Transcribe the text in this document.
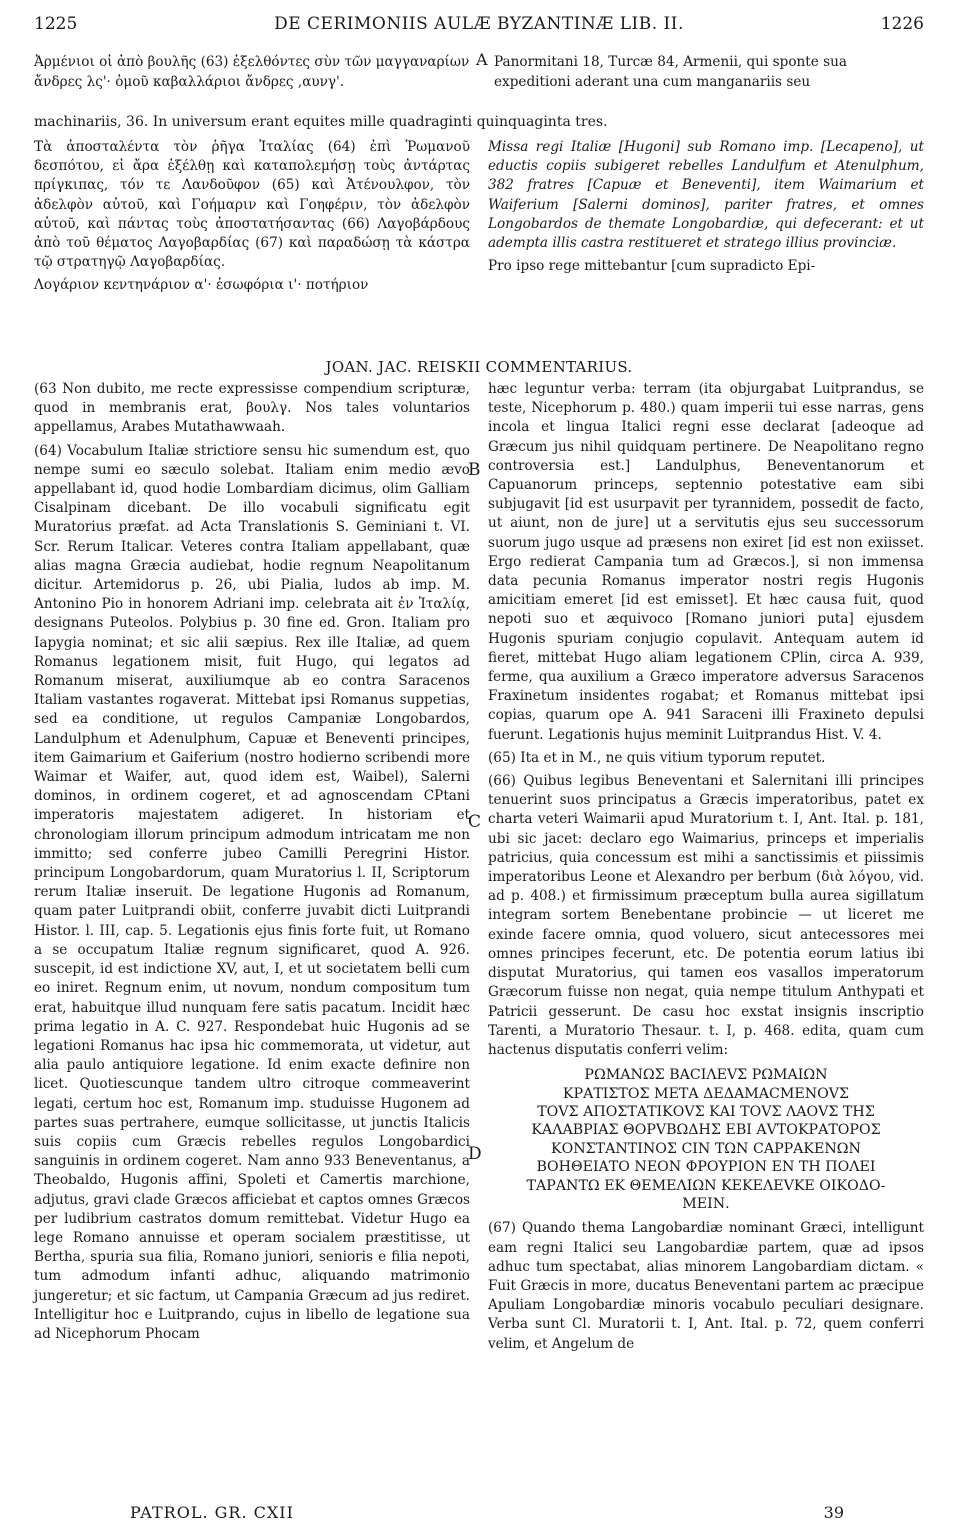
1225	DE CERIMONIIS AULÆ BYZANTINÆ LIB. II.	1226
Ἀρμένιοι οἱ ἀπὸ βουλῆς (63) ἐξελθόντες σὺν τῶν μαγγαναρίων ἄνδρες λς'· ὁμοῦ καβαλλάριοι ἄνδρες ,αυνγ'.
A Panormitani 18, Turcæ 84, Armenii, qui sponte sua expeditioni aderant una cum manganariis seu
machinariis, 36. In universum erant equites mille quadraginti quinquaginta tres.

Τὰ ἀποσταλέντα τὸν ῥῆγα Ἰταλίας (64) ἐπὶ Ῥωμανοῦ δεσπότου, εἰ ἄρα ἐξέλθῃ καὶ καταπολεμήσῃ τοὺς ἀντάρτας πρίγκιπας, τόν τε Λανδοῦφον (65) καὶ Ἀτένουλφον, τὸν ἀδελφὸν αὐτοῦ, καὶ Γοήμαριν καὶ Γοηφέριν, τὸν ἀδελφὸν αὐτοῦ, καὶ πάντας τοὺς ἀποστατήσαντας (66) Λαγοβάρδους ἀπὸ τοῦ θέματος Λαγοβαρδίας (67) καὶ παραδώσῃ τὰ κάστρα τῷ στρατηγῷ Λαγοβαρδίας.

Λογάριον κεντηνάριον α'· ἐσωφόρια ι'· ποτήριον

Missa regi Italiæ [Hugoni] sub Romano imp. [Lecapeno], ut eductis copiis subigeret rebelles Landulfum et Atenulphum, 382 fratres [Capuæ et Beneventi], item Waimarium et Waiferium [Salerni dominos], pariter fratres, et omnes Longobardos de themate Longobardiæ, qui defecerant: et ut adempta illis castra restitueret et stratego illius provinciæ.

Pro ipso rege mittebantur [cum supradicto Epi-

JOAN. JAC. REISKII COMMENTARIUS.

(63 Non dubito, me recte expressisse compendium scripturæ, quod in membranis erat, βουλγ. Nos tales voluntarios appellamus, Arabes Mutathawwaah.

(64) Vocabulum Italiæ strictiore sensu hic sumendum est, quo nempe sumi eo sæculo solebat. Italiam enim medio ævo appellabant id, quod hodie Lombardiam dicimus, olim Galliam Cisalpinam dicebant. De illo vocabuli significatu egit Muratorius præfat. ad Acta Translationis S. Geminiani t. VI. Scr. Rerum Italicar. Veteres contra Italiam appellabant, quæ alias magna Græcia audiebat, hodie regnum Neapolitanum dicitur. Artemidorus p. 26, ubi Pialia, ludos ab imp. M. Antonino Pio in honorem Adriani imp. celebrata ait ἐν Ἰταλίᾳ, designans Puteolos. Polybius p. 30 fine ed. Gron. Italiam pro Iapygia nominat; et sic alii sæpius. Rex ille Italiæ, ad quem Romanus legationem misit, fuit Hugo, qui legatos ad Romanum miserat, auxiliumque ab eo contra Saracenos Italiam vastantes rogaverat. Mittebat ipsi Romanus suppetias, sed ea conditione, ut regulos Campaniæ Longobardos, Landulphum et Adenulphum, Capuæ et Beneventi principes, item Gaimarium et Gaiferium (nostro hodierno scribendi more Waimar et Waifer, aut, quod idem est, Waibel), Salerni dominos, in ordinem cogeret, et ad agnoscendam CPtani imperatoris majestatem adigeret. In historiam et chronologiam illorum principum admodum intricatam me non immitto; sed conferre jubeo Camilli Peregrini Histor. principum Longobardorum, quam Muratorius l. II, Scriptorum rerum Italiæ inseruit. De legatione Hugonis ad Romanum, quam pater Luitprandi obiit, conferre juvabit dicti Luitprandi Histor. l. III, cap. 5. Legationis ejus finis forte fuit, ut Romano a se occupatum Italiæ regnum significaret, quod A. 926. suscepit, id est indictione XV, aut, I, et ut societatem belli cum eo iniret. Regnum enim, ut novum, nondum compositum tum erat, habuitque illud nunquam fere satis pacatum. Incidit hæc prima legatio in A. C. 927. Respondebat huic Hugonis ad se legationi Romanus hac ipsa hic commemorata, ut videtur, aut alia paulo antiquiore legatione. Id enim exacte definire non licet. Quotiescunque tandem ultro citroque commeaverint legati, certum hoc est, Romanum imp. studuisse Hugonem ad partes suas pertrahere, eumque sollicitasse, ut junctis Italicis suis copiis cum Græcis rebelles regulos Longobardici sanguinis in ordinem cogeret. Nam anno 933 Beneventanus, a Theobaldo, Hugonis affini, Spoleti et Camertis marchione, adjutus, gravi clade Græcos afficiebat et captos omnes Græcos per ludibrium castratos domum remittebat. Videtur Hugo ea lege Romano annuisse et operam socialem præstitisse, ut Bertha, spuria sua filia, Romano juniori, senioris e filia nepoti, tum admodum infanti adhuc, aliquando matrimonio jungeretur; et sic factum, ut Campania Græcum ad jus rediret. Intelligitur hoc e Luitprando, cujus in libello de legatione sua ad Nicephorum Phocam

hæc leguntur verba: terram (ita objurgabat Luitprandus, se teste, Nicephorum p. 480.) quam imperii tui esse narras, gens incola et lingua Italici regni esse declarat [adeoque ad Græcum jus nihil quidquam pertinere. De Neapolitano regno controversia est.] Landulphus, Beneventanorum et Capuanorum princeps, septennio potestative eam sibi subjugavit [id est usurpavit per tyrannidem, possedit de facto, ut aiunt, non de jure] ut a servitutis ejus seu successorum suorum jugo usque ad præsens non exiret [id est non exiisset. Ergo redierat Campania tum ad Græcos.], si non immensa data pecunia Romanus imperator nostri regis Hugonis amicitiam emeret [id est emisset]. Et hæc causa fuit, quod nepoti suo et æquivoco [Romano juniori puta] ejusdem Hugonis spuriam conjugio copulavit. Antequam autem id fieret, mittebat Hugo aliam legationem CPlin, circa A. 939, ferme, qua auxilium a Græco imperatore adversus Saracenos Fraxinetum insidentes rogabat; et Romanus mittebat ipsi copias, quarum ope A. 941 Saraceni illi Fraxineto depulsi fuerunt. Legationis hujus meminit Luitprandus Hist. V. 4.

(65) Ita et in M., ne quis vitium typorum reputet.

(66) Quibus legibus Beneventani et Salernitani illi principes tenuerint suos principatus a Græcis imperatoribus, patet ex charta veteri Waimarii apud Muratorium t. I, Ant. Ital. p. 181, ubi sic jacet: declaro ego Waimarius, princeps et imperialis patricius, quia concessum est mihi a sanctissimis et piissimis imperatoribus Leone et Alexandro per berbum (διὰ λόγου, vid. ad p. 408.) et firmissimum præceptum bulla aurea sigillatum integram sortem Benebentane probincie — ut liceret me exinde facere omnia, quod voluero, sicut antecessores mei omnes principes fecerunt, etc. De potentia eorum latius ibi disputat Muratorius, qui tamen eos vasallos imperatorum Græcorum fuisse non negat, quia nempe titulum Anthypati et Patricii gesserunt. De casu hoc exstat insignis inscriptio Tarenti, a Muratorio Thesaur. t. I, p. 468. edita, quam cum hactenus disputatis conferri velim:

ΡΩΜΑΝΩΣ ΒΑCΙΛΕVΣ ΡΩΜΑΙΩΝ
ΚΡΑΤΙΣΤΟΣ ΜΕΤΑ ΔΕΔΑΜΑCΜΕΝΟVΣ
ΤΟVΣ ΑΠΟΣΤΑΤΙΚΟVΣ ΚΑΙ ΤΟVΣ ΛΑΟVΣ ΤΗΣ
ΚΑΛΑΒΡΙΑΣ ΘΟΡVΒΩΔΗΣ ΕΒΙ ΑVΤΟΚΡΑΤΟΡΟΣ
ΚΟΝΣΤΑΝΤΙΝΟΣ CΙΝ ΤΩΝ CΑΡΡΑΚΕΝΩΝ
ΒΟΗΘΕΙΑΤΟ ΝΕΟΝ ΦΡΟΥΡΙΟΝ ΕΝ ΤΗ ΠΟΛΕΙ
ΤΑΡΑΝΤΩ ΕΚ ΘΕΜΕΛΙΩΝ ΚΕΚΕΛΕVΚΕ ΟΙΚΟΔΟ-
ΜΕΙΝ.

(67) Quando thema Langobardiæ nominant Græci, intelligunt eam regni Italici seu Langobardiæ partem, quæ ad ipsos adhuc tum spectabat, alias minorem Langobardiam dictam. « Fuit Græcis in more, ducatus Beneventani partem ac præcipue Apuliam Longobardiæ minoris vocabulo peculiari designare. Verba sunt Cl. Muratorii t. I, Ant. Ital. p. 72, quem conferri velim, et Angelum de

B
C
D
PATROL. GR. CXII	39
